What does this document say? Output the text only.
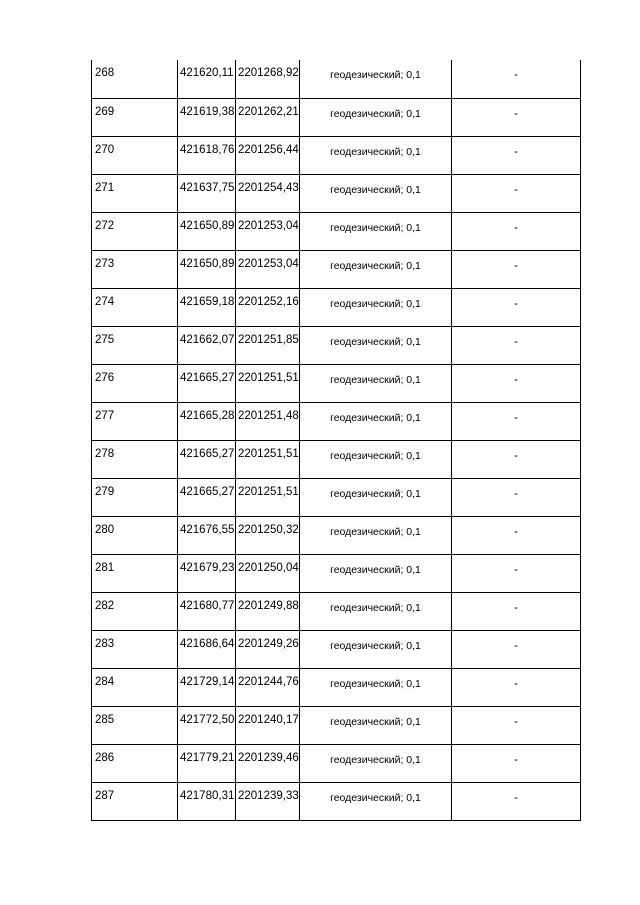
268	421620,11	2201268,92	геодезический; 0,1	-
269	421619,38	2201262,21	геодезический; 0,1	-
270	421618,76	2201256,44	геодезический; 0,1	-
271	421637,75	2201254,43	геодезический; 0,1	-
272	421650,89	2201253,04	геодезический; 0,1	-
273	421650,89	2201253,04	геодезический; 0,1	-
274	421659,18	2201252,16	геодезический; 0,1	-
275	421662,07	2201251,85	геодезический; 0,1	-
276	421665,27	2201251,51	геодезический; 0,1	-
277	421665,28	2201251,48	геодезический; 0,1	-
278	421665,27	2201251,51	геодезический; 0,1	-
279	421665,27	2201251,51	геодезический; 0,1	-
280	421676,55	2201250,32	геодезический; 0,1	-
281	421679,23	2201250,04	геодезический; 0,1	-
282	421680,77	2201249,88	геодезический; 0,1	-
283	421686,64	2201249,26	геодезический; 0,1	-
284	421729,14	2201244,76	геодезический; 0,1	-
285	421772,50	2201240,17	геодезический; 0,1	-
286	421779,21	2201239,46	геодезический; 0,1	-
287	421780,31	2201239,33	геодезический; 0,1	-
